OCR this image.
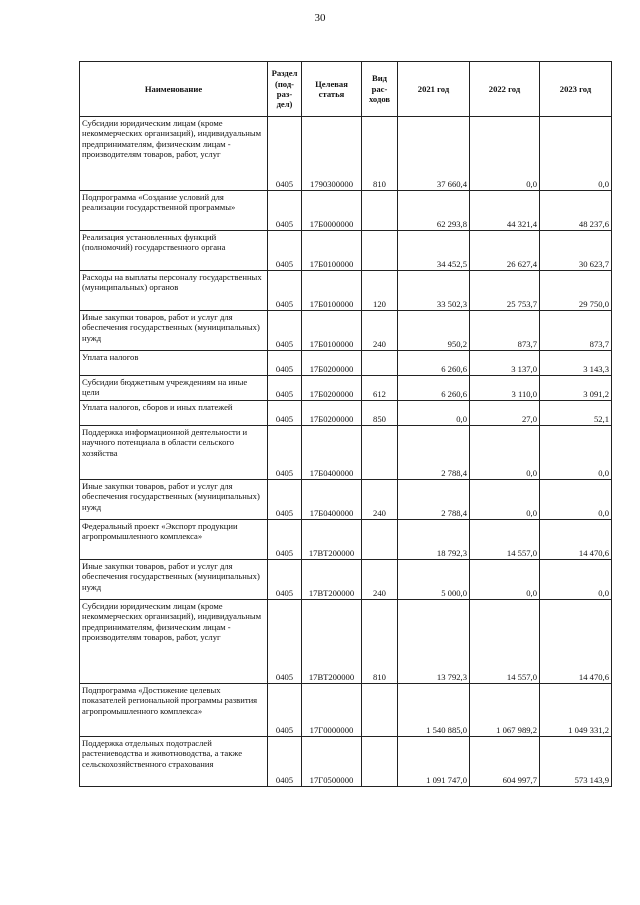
30
Наименование	Раздел (под-раз-дел)	Целевая статья	Вид рас-ходов	2021 год	2022 год	2023 год
Субсидии юридическим лицам (кроме некоммерческих организаций), индивидуальным предпринимателям, физическим лицам - производителям товаров, работ, услуг	0405	1790300000	810	37 660,4	0,0	0,0
Подпрограмма «Создание условий для реализации государственной программы»	0405	17Б0000000		62 293,8	44 321,4	48 237,6
Реализация установленных функций (полномочий) государственного органа	0405	17Б0100000		34 452,5	26 627,4	30 623,7
Расходы на выплаты персоналу государственных (муниципальных) органов	0405	17Б0100000	120	33 502,3	25 753,7	29 750,0
Иные закупки товаров, работ и услуг для обеспечения государственных (муниципальных) нужд	0405	17Б0100000	240	950,2	873,7	873,7
Уплата налогов	0405	17Б0200000		6 260,6	3 137,0	3 143,3
Субсидии бюджетным учреждениям на иные цели	0405	17Б0200000	612	6 260,6	3 110,0	3 091,2
Уплата налогов, сборов и иных платежей	0405	17Б0200000	850	0,0	27,0	52,1
Поддержка информационной деятельности и научного потенциала в области сельского хозяйства	0405	17Б0400000		2 788,4	0,0	0,0
Иные закупки товаров, работ и услуг для обеспечения государственных (муниципальных) нужд	0405	17Б0400000	240	2 788,4	0,0	0,0
Федеральный проект «Экспорт продукции агропромышленного комплекса»	0405	17ВТ200000		18 792,3	14 557,0	14 470,6
Иные закупки товаров, работ и услуг для обеспечения государственных (муниципальных) нужд	0405	17ВТ200000	240	5 000,0	0,0	0,0
Субсидии юридическим лицам (кроме некоммерческих организаций), индивидуальным предпринимателям, физическим лицам - производителям товаров, работ, услуг	0405	17ВТ200000	810	13 792,3	14 557,0	14 470,6
Подпрограмма «Достижение целевых показателей региональной программы развития агропромышленного комплекса»	0405	17Г0000000		1 540 885,0	1 067 989,2	1 049 331,2
Поддержка отдельных подотраслей растениеводства и животноводства, а также сельскохозяйственного страхования	0405	17Г0500000		1 091 747,0	604 997,7	573 143,9
